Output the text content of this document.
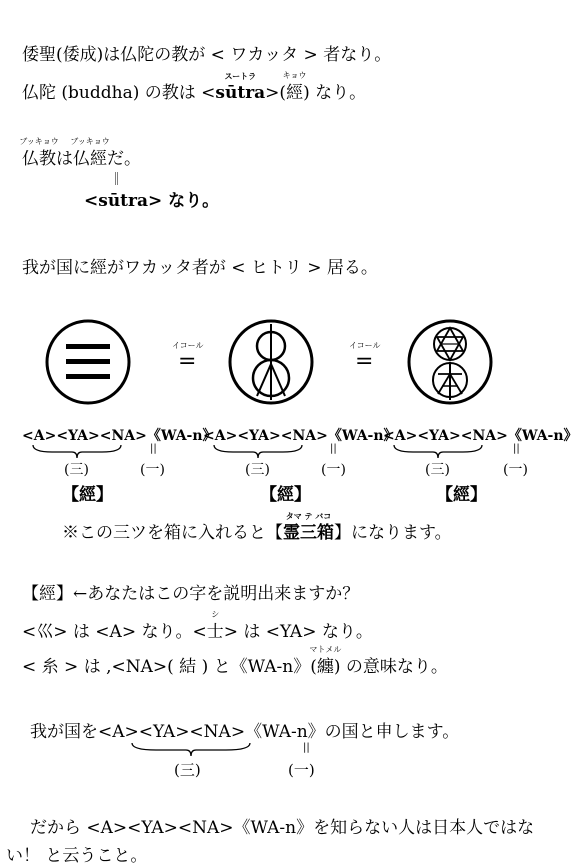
倭聖(倭成)は仏陀の教が < ワカッタ > 者なり。
仏陀 (buddha) の教は <sūtra
スートラ
>(經
キョウ
) なり。
仏教
ブッキョウ
は仏經
ブッキョウ
だ。
||
<sūtra> なり。
我が国に經がワカッタ者が < ヒトリ > 居る。
イコール
=
イコール
=
<A><YA><NA>《WA-n》
||
(三)	(一)
【經】
<A><YA><NA>《WA-n》
||
(三)	(一)
【經】
<A><YA><NA>《WA-n》
||
(三)	(一)
【經】
※この三ツを箱に入れると【霊三箱
タマ テ バコ
】になります。
【經】←あなたはこの字を説明出来ますか？
<巛> は <A> なり。<士
シ
> は <YA> なり。
< 糸 > は ,<NA>( 結 ) と《WA-n》(纏
マトメル
) の意味なり。
我が国を<A><YA><NA>《WA-n》の国と申します。
||
(三)	(一)
だから <A><YA><NA>《WA-n》を知らない人は日本人ではな
い！ と云うこと。
